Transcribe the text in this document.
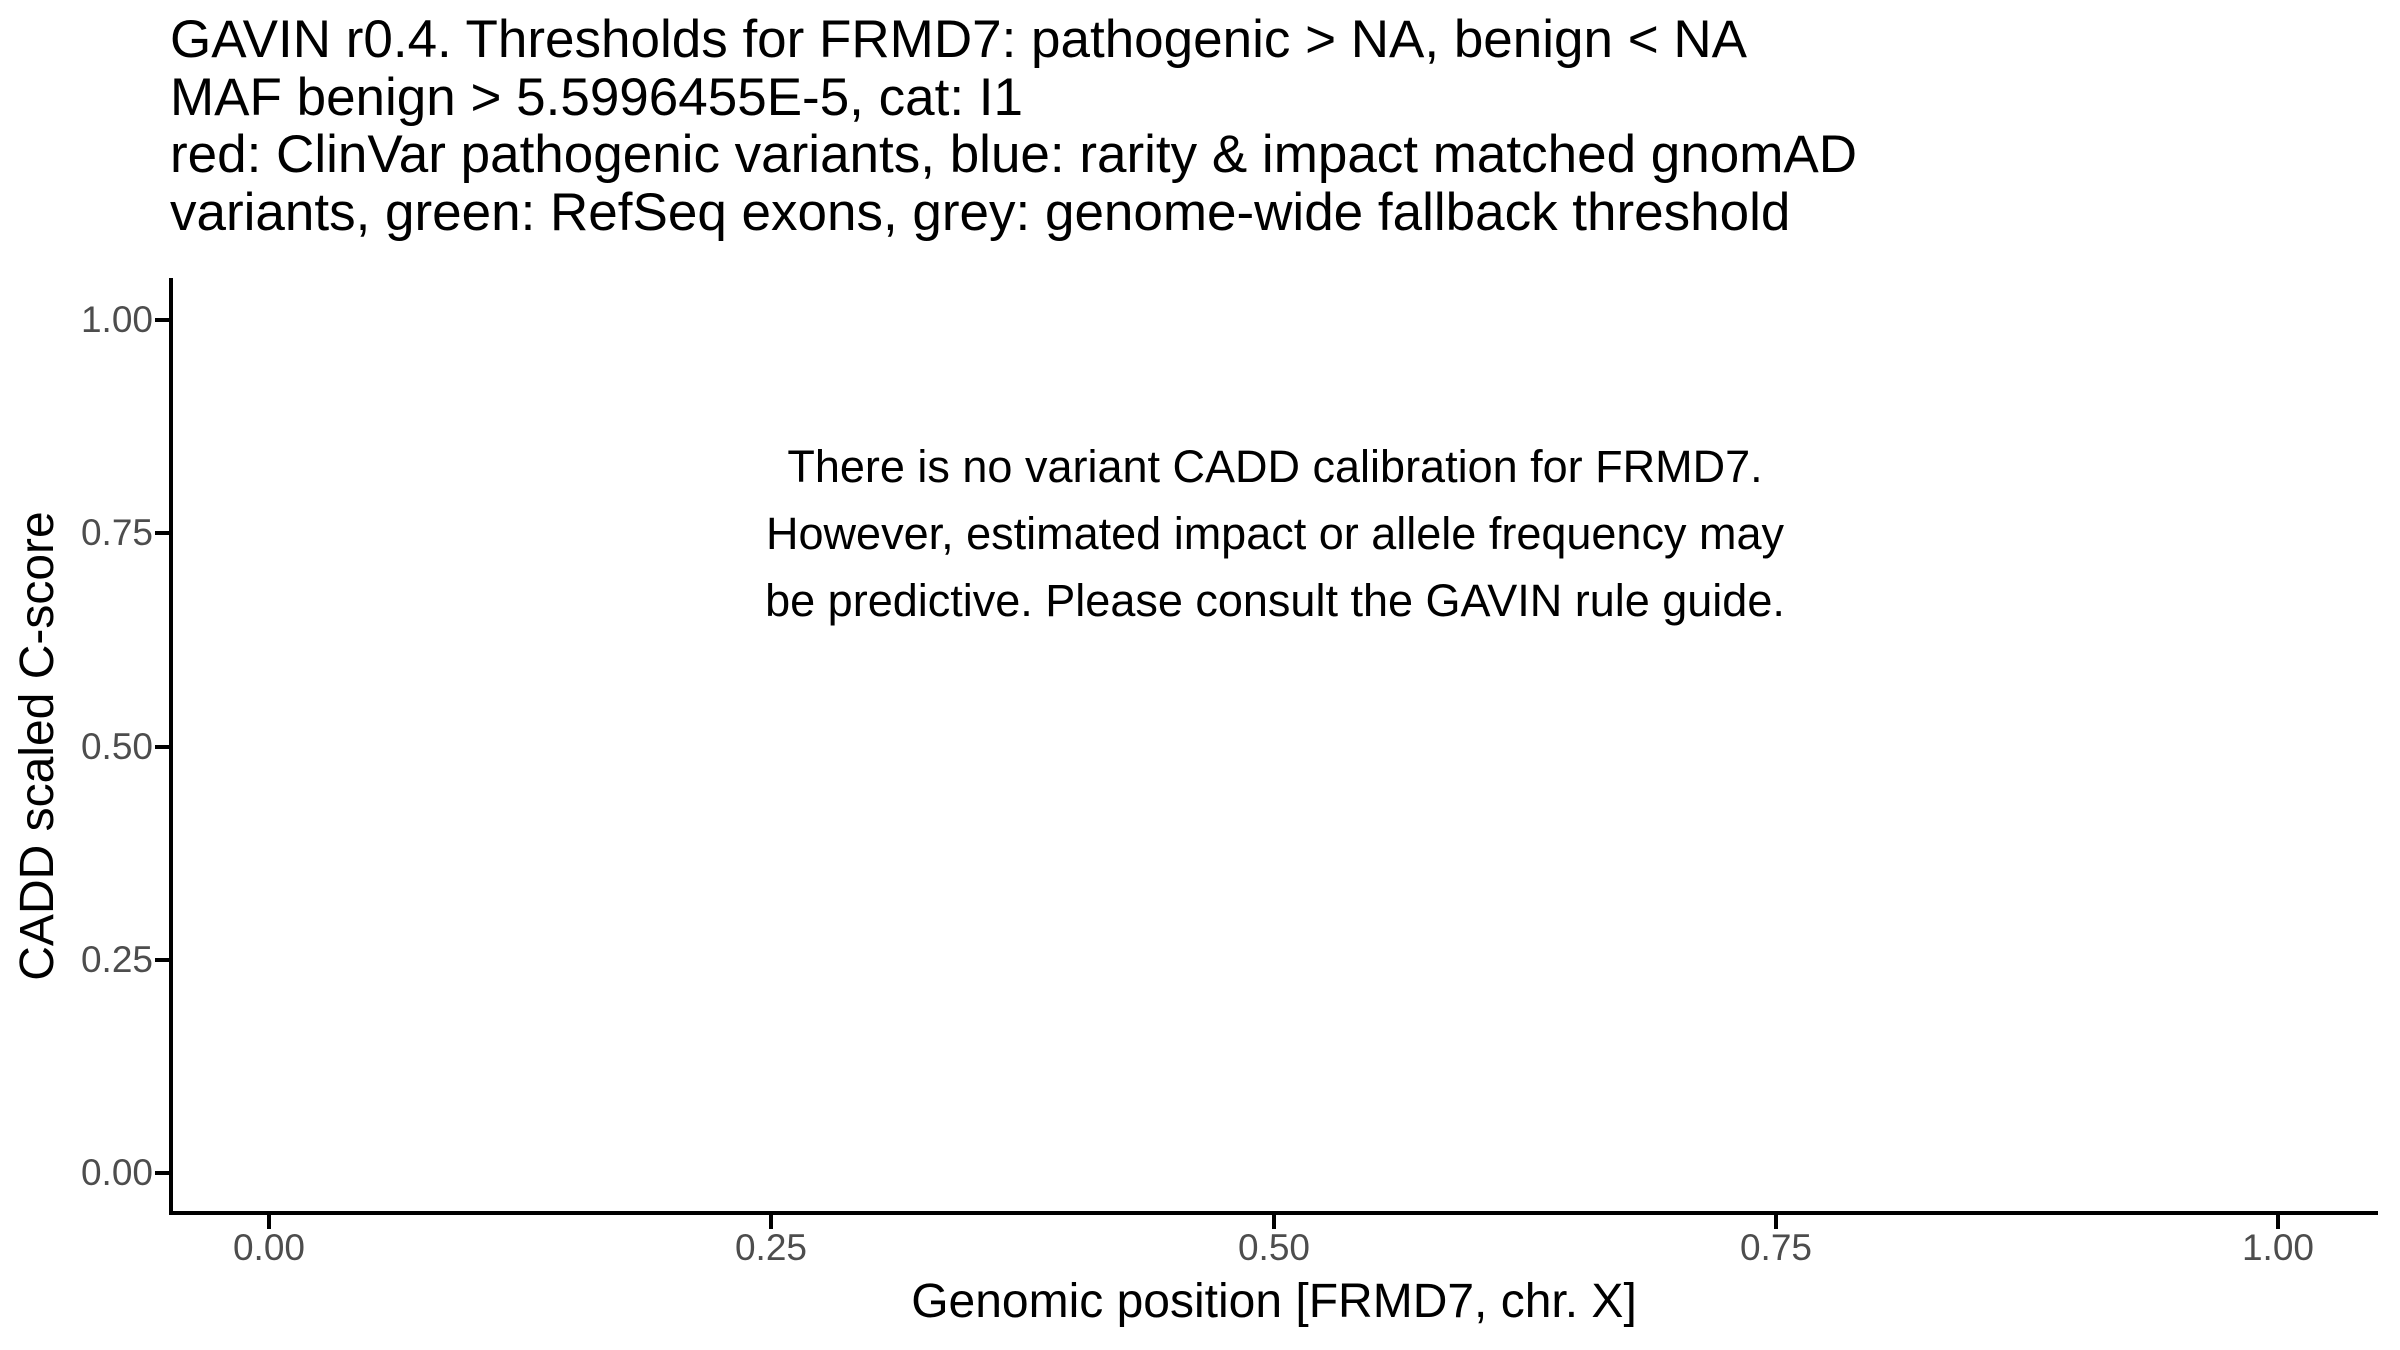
GAVIN r0.4. Thresholds for FRMD7: pathogenic > NA, benign < NA
MAF benign > 5.5996455E-5, cat: I1
red: ClinVar pathogenic variants, blue: rarity & impact matched gnomAD
variants, green: RefSeq exons, grey: genome-wide fallback threshold
There is no variant CADD calibration for FRMD7.
However, estimated impact or allele frequency may
be predictive. Please consult the GAVIN rule guide.
1.00
0.75
0.50
0.25
0.00
0.00	0.25	0.50	0.75	1.00
Genomic position [FRMD7, chr. X]
CADD scaled C-score
